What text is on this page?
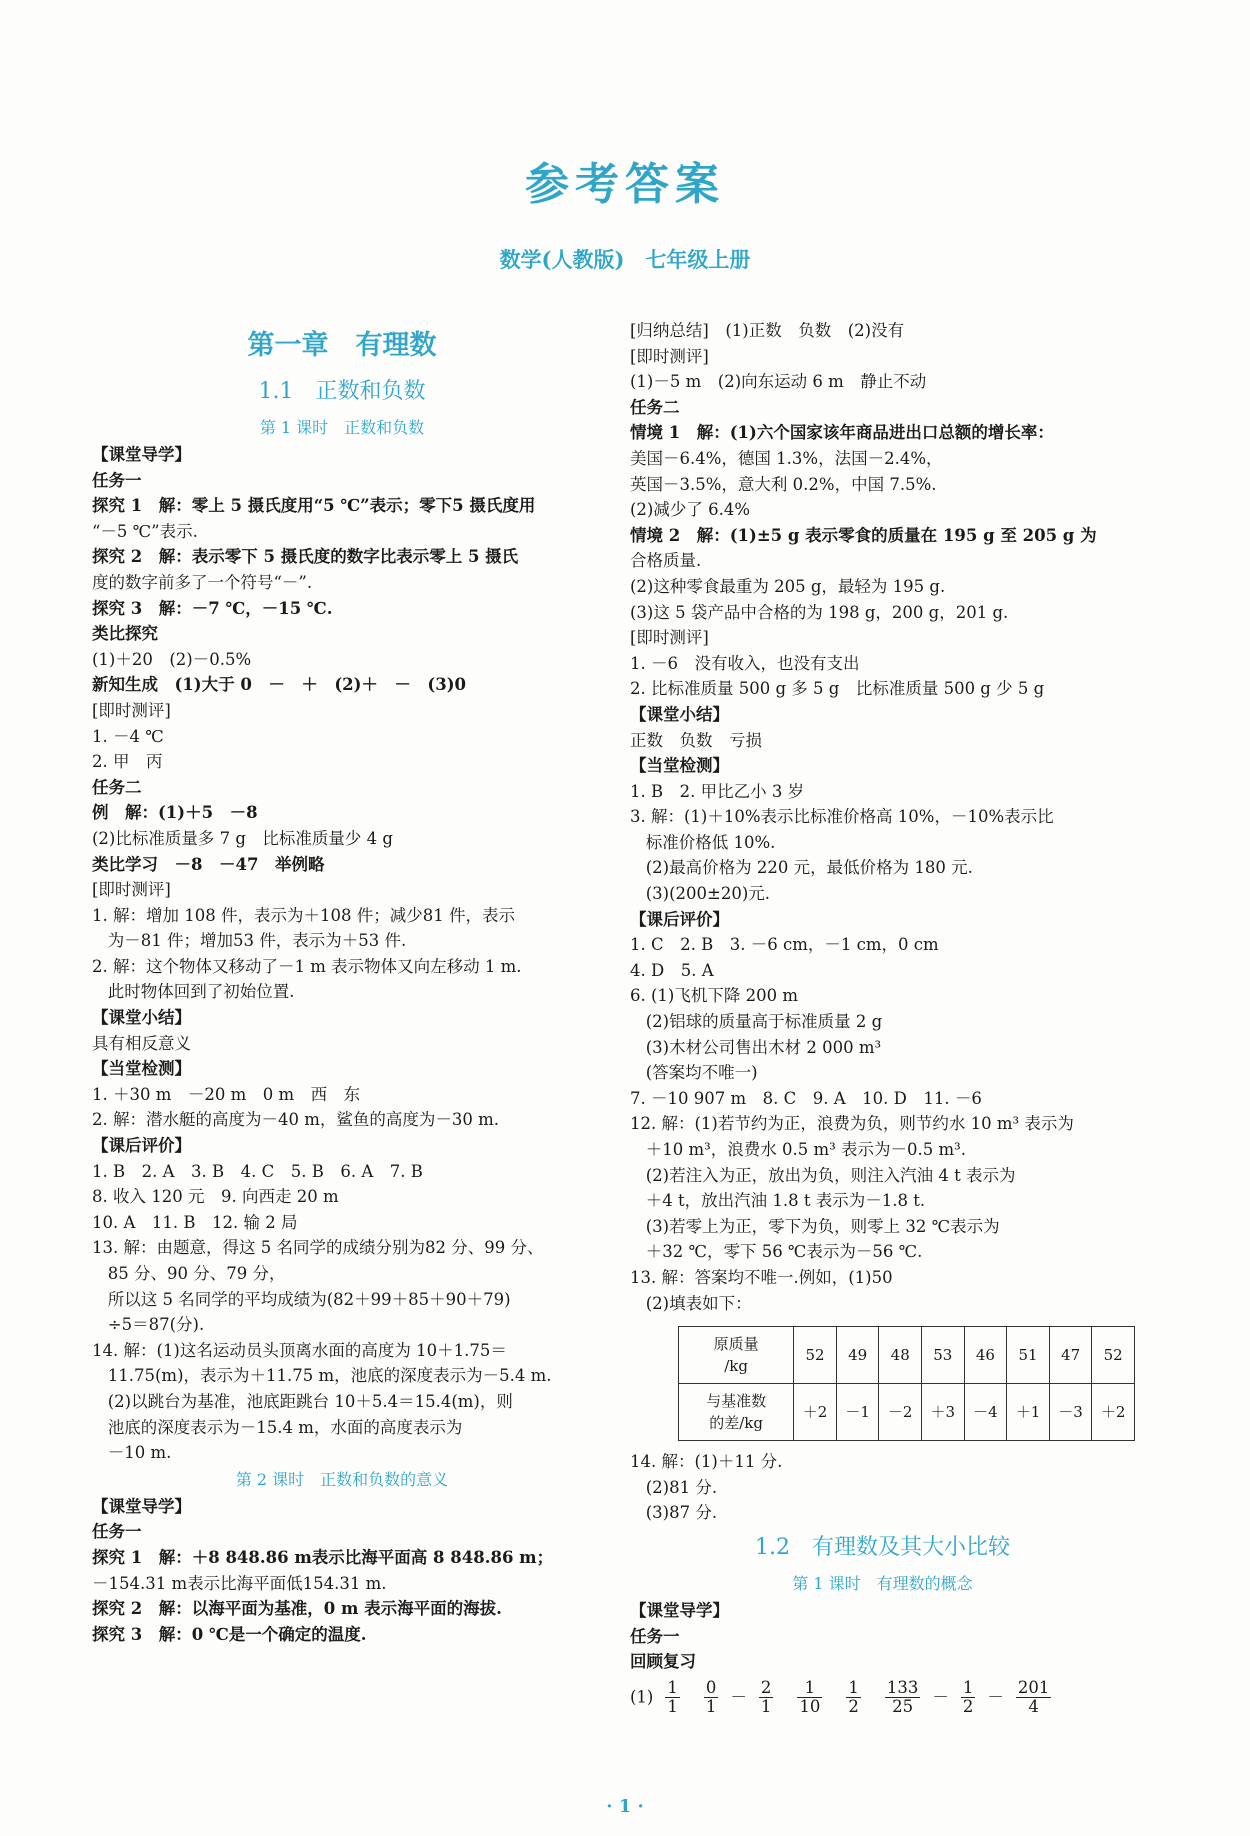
参考答案
数学(人教版)　七年级上册
第一章　有理数
1.1　正数和负数
第 1 课时　正数和负数
【课堂导学】
任务一
探究 1　解：零上 5 摄氏度用“5 ℃”表示；零下5 摄氏度用
“－5 ℃”表示.
探究 2　解：表示零下 5 摄氏度的数字比表示零上 5 摄氏
度的数字前多了一个符号“－”.
探究 3　解：－7 ℃，－15 ℃.
类比探究
(1)＋20　(2)－0.5%
新知生成　(1)大于 0　－　＋　(2)＋　－　(3)0
[即时测评]
1. －4 ℃
2. 甲　丙
任务二
例　解：(1)＋5　－8
(2)比标准质量多 7 g　比标准质量少 4 g
类比学习　－8　－47　举例略
[即时测评]
1. 解：增加 108 件，表示为＋108 件；减少81 件，表示
为－81 件；增加53 件，表示为＋53 件.
2. 解：这个物体又移动了－1 m 表示物体又向左移动 1 m.
此时物体回到了初始位置.
【课堂小结】
具有相反意义
【当堂检测】
1. ＋30 m　－20 m　0 m　西　东
2. 解：潜水艇的高度为－40 m，鲨鱼的高度为－30 m.
【课后评价】
1. B　2. A　3. B　4. C　5. B　6. A　7. B
8. 收入 120 元　9. 向西走 20 m
10. A　11. B　12. 输 2 局
13. 解：由题意，得这 5 名同学的成绩分别为82 分、99 分、
85 分、90 分、79 分，
所以这 5 名同学的平均成绩为(82＋99＋85＋90＋79)
÷5＝87(分).
14. 解：(1)这名运动员头顶离水面的高度为 10＋1.75＝
11.75(m)，表示为＋11.75 m，池底的深度表示为－5.4 m.
(2)以跳台为基准，池底距跳台 10＋5.4＝15.4(m)，则
池底的深度表示为－15.4 m，水面的高度表示为
－10 m.
第 2 课时　正数和负数的意义
【课堂导学】
任务一
探究 1　解：＋8 848.86 m表示比海平面高 8 848.86 m；
－154.31 m表示比海平面低154.31 m.
探究 2　解：以海平面为基准，0 m 表示海平面的海拔.
探究 3　解：0 ℃是一个确定的温度.
[归纳总结]　(1)正数　负数　(2)没有
[即时测评]
(1)－5 m　(2)向东运动 6 m　静止不动
任务二
情境 1　解：(1)六个国家该年商品进出口总额的增长率：
美国－6.4%，德国 1.3%，法国－2.4%，
英国－3.5%，意大利 0.2%，中国 7.5%.
(2)减少了 6.4%
情境 2　解：(1)±5 g 表示零食的质量在 195 g 至 205 g 为
合格质量.
(2)这种零食最重为 205 g，最轻为 195 g.
(3)这 5 袋产品中合格的为 198 g，200 g，201 g.
[即时测评]
1. －6　没有收入，也没有支出
2. 比标准质量 500 g 多 5 g　比标准质量 500 g 少 5 g
【课堂小结】
正数　负数　亏损
【当堂检测】
1. B　2. 甲比乙小 3 岁
3. 解：(1)＋10%表示比标准价格高 10%，－10%表示比
标准价格低 10%.
(2)最高价格为 220 元，最低价格为 180 元.
(3)(200±20)元.
【课后评价】
1. C　2. B　3. －6 cm，－1 cm，0 cm
4. D　5. A
6. (1)飞机下降 200 m
(2)铝球的质量高于标准质量 2 g
(3)木材公司售出木材 2 000 m³
(答案均不唯一)
7. －10 907 m　8. C　9. A　10. D　11. －6
12. 解：(1)若节约为正，浪费为负，则节约水 10 m³ 表示为
＋10 m³，浪费水 0.5 m³ 表示为－0.5 m³.
(2)若注入为正，放出为负，则注入汽油 4 t 表示为
＋4 t，放出汽油 1.8 t 表示为－1.8 t.
(3)若零上为正，零下为负，则零上 32 ℃表示为
＋32 ℃，零下 56 ℃表示为－56 ℃.
13. 解：答案均不唯一.例如，(1)50
(2)填表如下：
原质量
/kg	52	49	48	53	46	51	47	52
与基准数
的差/kg	＋2	－1	－2	＋3	－4	＋1	－3	＋2
14. 解：(1)＋11 分.
(2)81 分.
(3)87 分.
1.2　有理数及其大小比较
第 1 课时　有理数的概念
【课堂导学】
任务一
回顾复习
$(1) \frac{1}{1} \frac{0}{1} - \frac{2}{1} \frac{1}{10} \frac{1}{2} \frac{133}{25} - \frac{1}{2} - \frac{201}{4}$
· 1 ·
